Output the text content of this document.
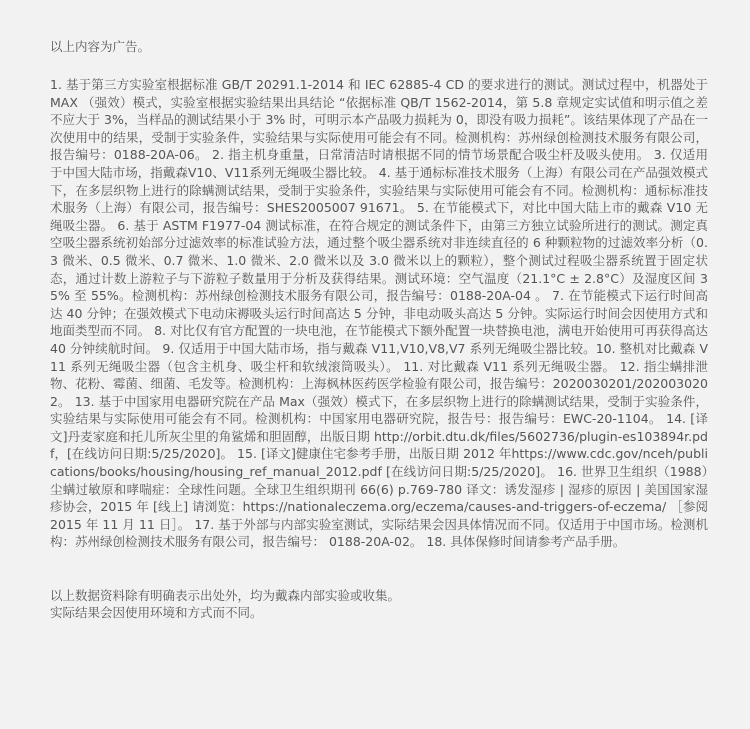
以上内容为广告。

1. 基于第三方实验室根据标准 GB/T 20291.1-2014 和 IEC 62885-4 CD 的要求进行的测试。测试过程中，机器处于 MAX （强效）模式，实验室根据实验结果出具结论 “依据标准 QB/T 1562-2014，第 5.8 章规定实试值和明示值之差不应大于 3%，当样品的测试结果小于 3% 时，可明示本产品吸力损耗为 0，即没有吸力损耗”。该结果体现了产品在一次使用中的结果，受制于实验条件，实验结果与实际使用可能会有不同。检测机构：苏州绿创检测技术服务有限公司，报告编号：0188-20A-06。 2. 指主机身重量，日常清洁时请根据不同的情节场景配合吸尘杆及吸头使用。 3. 仅适用于中国大陆市场，指戴森V10、V11系列无绳吸尘器比较。 4. 基于通标标准技术服务（上海）有限公司在产品强效模式下，在多层织物上进行的除螨测试结果，受制于实验条件，实验结果与实际使用可能会有不同。检测机构：通标标准技术服务（上海）有限公司，报告编号：SHES2005007 91671。 5. 在节能模式下，对比中国大陆上市的戴森 V10 无绳吸尘器。 6. 基于 ASTM F1977-04 测试标准，在符合规定的测试条件下，由第三方独立试验所进行的测试。测定真空吸尘器系统初始部分过滤效率的标准试验方法，通过整个吸尘器系统对非连续直径的 6 种颗粒物的过滤效率分析（0.3 微米、0.5 微米、0.7 微米、1.0 微米、2.0 微米以及 3.0 微米以上的颗粒），整个测试过程吸尘器系统置于固定状态，通过计数上游粒子与下游粒子数量用于分析及获得结果。测试环境：空气温度（21.1°C ± 2.8°C）及湿度区间 35% 至 55%。检测机构：苏州绿创检测技术服务有限公司，报告编号：0188-20A-04 。 7. 在节能模式下运行时间高达 40 分钟；在强效模式下电动床褥吸头运行时间高达 5 分钟，非电动吸头高达 5 分钟。实际运行时间会因使用方式和地面类型而不同。 8. 对比仅有官方配置的一块电池，在节能模式下额外配置一块替换电池，满电开始使用可再获得高达 40 分钟续航时间。 9. 仅适用于中国大陆市场，指与戴森 V11,V10,V8,V7 系列无绳吸尘器比较。10. 整机对比戴森 V11 系列无绳吸尘器（包含主机身、吸尘杆和软绒滚筒吸头）。 11. 对比戴森 V11 系列无绳吸尘器。 12. 指尘螨排泄物、花粉、霉菌、细菌、毛发等。检测机构：上海枫林医药医学检验有限公司，报告编号：2020030201/2020030202。 13. 基于中国家用电器研究院在产品 Max（强效）模式下，在多层织物上进行的除螨测试结果，受制于实验条件，实验结果与实际使用可能会有不同。检测机构：中国家用电器研究院，报告号：报告编号：EWC-20-1104。 14. [译文]丹麦家庭和托儿所灰尘里的角鲨烯和胆固醇，出版日期 http://orbit.dtu.dk/files/5602736/plugin-es103894r.pdf，[在线访问日期:5/25/2020]。 15. [译文]健康住宅参考手册，出版日期 2012 年https://www.cdc.gov/nceh/publications/books/housing/housing_ref_manual_2012.pdf [在线访问日期:5/25/2020]。 16. 世界卫生组织（1988）尘螨过敏原和哮喘症：全球性问题。全球卫生组织期刊 66(6) p.769-780 译文：诱发湿疹 | 湿疹的原因 | 美国国家湿疹协会，2015 年 [线上] 请浏览：https://nationaleczema.org/eczema/causes-and-triggers-of-eczema/ ［参阅 2015 年 11 月 11 日］。 17. 基于外部与内部实验室测试，实际结果会因具体情况而不同。仅适用于中国市场。检测机构：苏州绿创检测技术服务有限公司，报告编号： 0188-20A-02。 18. 具体保修时间请参考产品手册。

以上数据资料除有明确表示出处外，均为戴森内部实验或收集。

实际结果会因使用环境和方式而不同。
